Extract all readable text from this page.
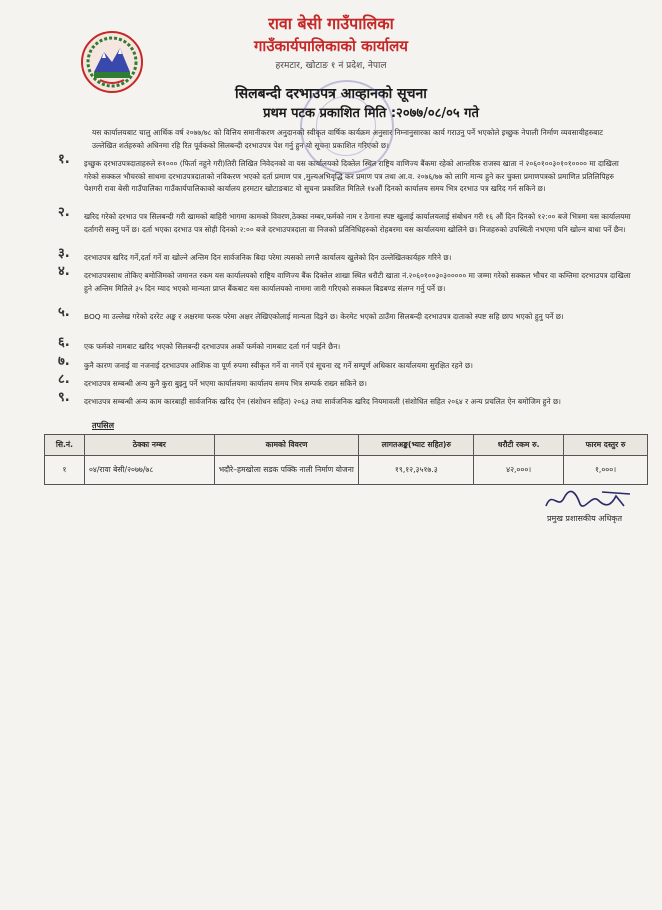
रावा बेसी गाउँपालिका
गाउँकार्यपालिकाको कार्यालय
हरमटार, खोटाङ १ नं प्रदेश, नेपाल
सिलबन्दी दरभाउपत्र आव्हानको सूचना
प्रथम पटक प्रकाशित मिति :२०७७/०८/०५ गते
यस कार्यालयबाट चालु आर्थिक वर्ष २०७७/७८ को वित्तिय समानीकरण अनुदानको स्वीकृत वार्षिक कार्यक्रम अनुसार निम्नानुसारका कार्य गराउनु पर्ने भएकोले इच्छुक नेपाली निर्माण व्यवसायीहरुबाट उल्लेखित शर्तहरुको अधिनमा रहि रित पूर्वकको सिलबन्दी दरभाउपत्र पेश गर्नु हुन यो सूचना प्रकाशित गरिएको छ।
१. इच्छुक दरभाउपत्रदाताहरुले रु१००० (फिर्ता नहुने गरी)तिरी लिखित निवेदनको वा यस कार्यालयको दिक्तेल स्थित राष्ट्रिय वाणिज्य बैंकमा रहेको आन्तरिक राजस्व खाता नं २०६०१००३०१०१०००० मा दाखिला गरेको सक्कल भौचरको साथमा दरभाउपत्रदाताको नविकरण भएको दर्ता प्रमाण पत्र ,मुल्यअभिवृद्धि कर प्रमाण पत्र तथा आ.व. २०७६/७७ को लागि मान्य हुने कर चुक्ता प्रमाणपत्रको प्रमाणित प्रतिलिपिहरु पेशगरी रावा बेसी गाउँपालिका गाउँकार्यपालिकाको कार्यालय हरमटार खोटाङबाट यो सूचना प्रकाशित मितिले १४औं दिनको कार्यालय समय भित्र दरभाउ पत्र खरिद गर्न सकिने छ।
२. खरिद गरेको दरभाउ पत्र सिलबन्दी गरी खामको बाहिरी भागमा कामको विवरण,ठेक्का नम्बर,फर्मको नाम र ठेगाना स्पष्ट खुलाई कार्यालयलाई संबोधन गरी १६ औं दिन दिनको १२:०० बजे भित्रमा यस कार्यालयमा दर्तागरी सक्नु पर्ने छ। दर्ता भएका दरभाउ पत्र सोही दिनको २:०० बजे दरभाउपत्रदाता वा निजको प्रतिनिधिहरुको रोहबरमा यस कार्यालयमा खोलिने छ। निजहरुको उपस्थिती नभएमा पनि खोल्न बाधा पर्ने छैन।
३. दरभाउपत्र खरिद गर्ने,दर्ता गर्ने वा खोल्ने अन्तिम दिन सार्वजनिक बिदा परेमा त्यसको लगत्तै कार्यालय खुलेको दिन उल्लेखितकार्यहरु गरिने छ।
४. दरभाउपत्रसाथ तोकिए बमोजिमको जमानत रकम यस कार्यालयको राष्ट्रिय वाणिज्य बैंक दिक्तेल शाखा स्थित धरौटी खाता नं.२०६०१००३०३००००० मा जम्मा गरेको सक्कल भौचर वा कम्तिमा दरभाउपत्र दाखिला हुने अन्तिम मितिले ३५ दिन म्याद भएको मान्यता प्राप्त बैंकबाट यस कार्यालयको नाममा जारी गरिएको सक्कल बिडबण्ड संलग्न गर्नु पर्ने छ।
५. BOQ मा उल्लेख गरेको दररेट अङ्क र अक्षरमा फरक परेमा अक्षर लेखिएकोलाई मान्यता दिइने छ। केरमेट भएको ठाउँमा सिलबन्दी दरभाउपत्र दाताको स्पष्ट सहि छाप भएको हुनु पर्ने छ।
६. एक फर्मको नामबाट खरिद भएको सिलबन्दी दरभाउपत्र अर्को फर्मको नामबाट दर्ता गर्न पाईने छैन।
७. कुनै कारण जनाई वा नजनाई दरभाउपत्र आंशिक वा पूर्ण रुपमा स्वीकृत गर्ने वा नगर्ने एवं सूचना रद्द गर्ने सम्पूर्ण अधिकार कार्यालयमा सुरक्षित रहने छ।
८. दरभाउपत्र सम्बन्धी अन्य कुनै कुरा बुझ्नु पर्ने भएमा कार्यालयमा कार्यालय समय भित्र सम्पर्क राख्न सकिने छ।
९. दरभाउपत्र सम्बन्धी अन्य काम कारबाही सार्वजनिक खरिद ऐन (संशोधन सहित) २०६३ तथा सार्वजनिक खरिद नियमावली (संशोधित सहित २०६४ र अन्य प्रचलित ऐन बमोजिम हुने छ।
तपसिल
सि.नं.	ठेक्का नम्बर	कामको विवरण	लागतअङ्क(भ्याट सहित)रु	धरौटी रकम रु.	फारम दस्तुर रु
१	०४/रावा बेसी/२०७७/७८	भदौरे–हमखोला सडक पक्कि नाली निर्माण योजना	१९,१२,३५१७.३	४२,०००।	१,०००।
प्रमुख प्रशासकीय अधिकृत
